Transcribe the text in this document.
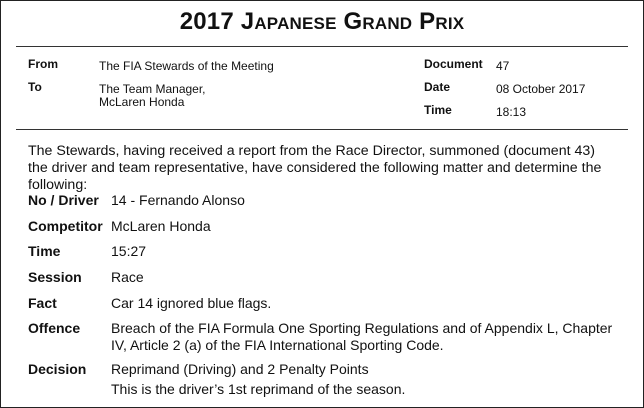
2017 Japanese Grand Prix
From	The FIA Stewards of the Meeting
To	The Team Manager,
McLaren Honda
Document 47
Date	08 October 2017
Time	18:13
The Stewards, having received a report from the Race Director, summoned (document 43) the driver and team representative, have considered the following matter and determine the following:
No / Driver 14 - Fernando Alonso
Competitor McLaren Honda
Time	15:27
Session Race
Fact	Car 14 ignored blue flags.
Offence Breach of the FIA Formula One Sporting Regulations and of Appendix L, Chapter IV, Article 2 (a) of the FIA International Sporting Code.
Decision Reprimand (Driving) and 2 Penalty Points
This is the driver’s 1st reprimand of the season.
